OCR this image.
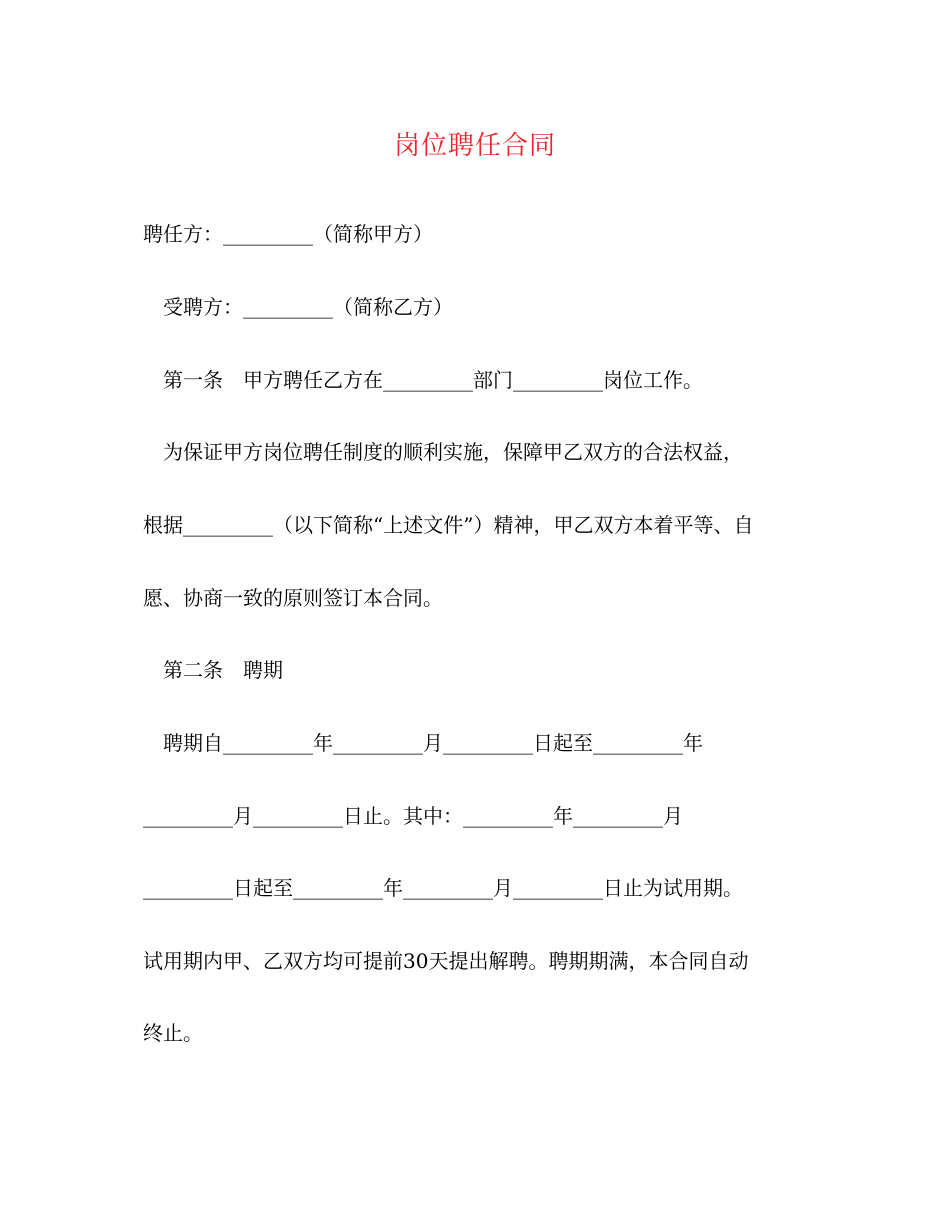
岗位聘任合同
聘任方：_________（简称甲方）
受聘方：_________（简称乙方）
第一条　甲方聘任乙方在_________部门_________岗位工作。
为保证甲方岗位聘任制度的顺利实施，保障甲乙双方的合法权益，
根据_________（以下简称“上述文件”）精神，甲乙双方本着平等、自
愿、协商一致的原则签订本合同。
第二条　聘期
聘期自_________年_________月_________日起至_________年
_________月_________日止。其中：_________年_________月
_________日起至_________年_________月_________日止为试用期。
试用期内甲、乙双方均可提前30天提出解聘。聘期期满，本合同自动
终止。
